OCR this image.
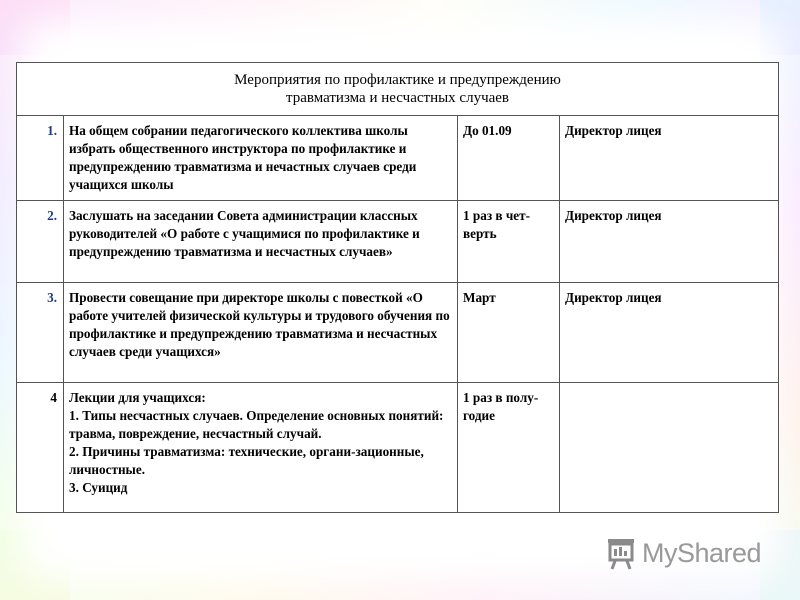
Мероприятия по профилактике и предупреждению
травматизма и несчастных случаев			

1.	На общем собрании педагогического коллектива школы избрать общественного инструктора по профилактике и предупреждению травматизма и нечастных случаев среди учащихся школы	До 01.09	Директор лицея
2.	Заслушать на заседании Совета администрации классных руководителей «О работе с учащимися по профилактике и предупреждению травматизма и несчастных случаев»	1 раз в чет-верть	Директор лицея
3.	Провести совещание при директоре школы с повесткой «О работе учителей физической культуры и трудового обучения по профилактике и предупреждению травматизма и несчастных случаев среди учащихся»	Март	Директор лицея
4	Лекции для учащихся:
1. Типы несчастных случаев. Определение основных понятий: травма, повреждение, несчастный случай.
2. Причины травматизма: технические, органи-зационные, личностные.
3. Суицид	1 раз в полу-годие	
MyShared
